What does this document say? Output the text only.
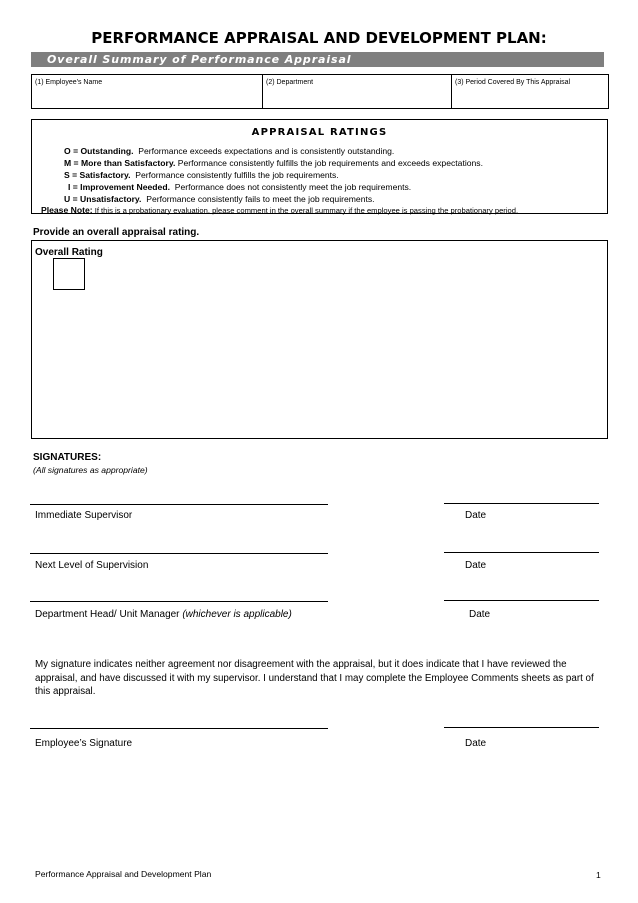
PERFORMANCE APPRAISAL AND DEVELOPMENT PLAN:
Overall Summary of Performance Appraisal
(1) Employee's Name	(2) Department	(3) Period Covered By This Appraisal
APPRAISAL RATINGS
O = Outstanding. Performance exceeds expectations and is consistently outstanding.
M = More than Satisfactory. Performance consistently fulfills the job requirements and exceeds expectations.
S = Satisfactory. Performance consistently fulfills the job requirements.
I = Improvement Needed. Performance does not consistently meet the job requirements.
U = Unsatisfactory. Performance consistently fails to meet the job requirements.
Please Note: If this is a probationary evaluation, please comment in the overall summary if the employee is passing the probationary period.
Provide an overall appraisal rating.
Overall Rating
SIGNATURES:
(All signatures as appropriate)
Immediate Supervisor	Date
Next Level of Supervision	Date
Department Head/ Unit Manager (whichever is applicable)	Date
My signature indicates neither agreement nor disagreement with the appraisal, but it does indicate that I have reviewed the appraisal, and have discussed it with my supervisor. I understand that I may complete the Employee Comments sheets as part of this appraisal.
Employee’s Signature	Date
Performance Appraisal and Development Plan	1
